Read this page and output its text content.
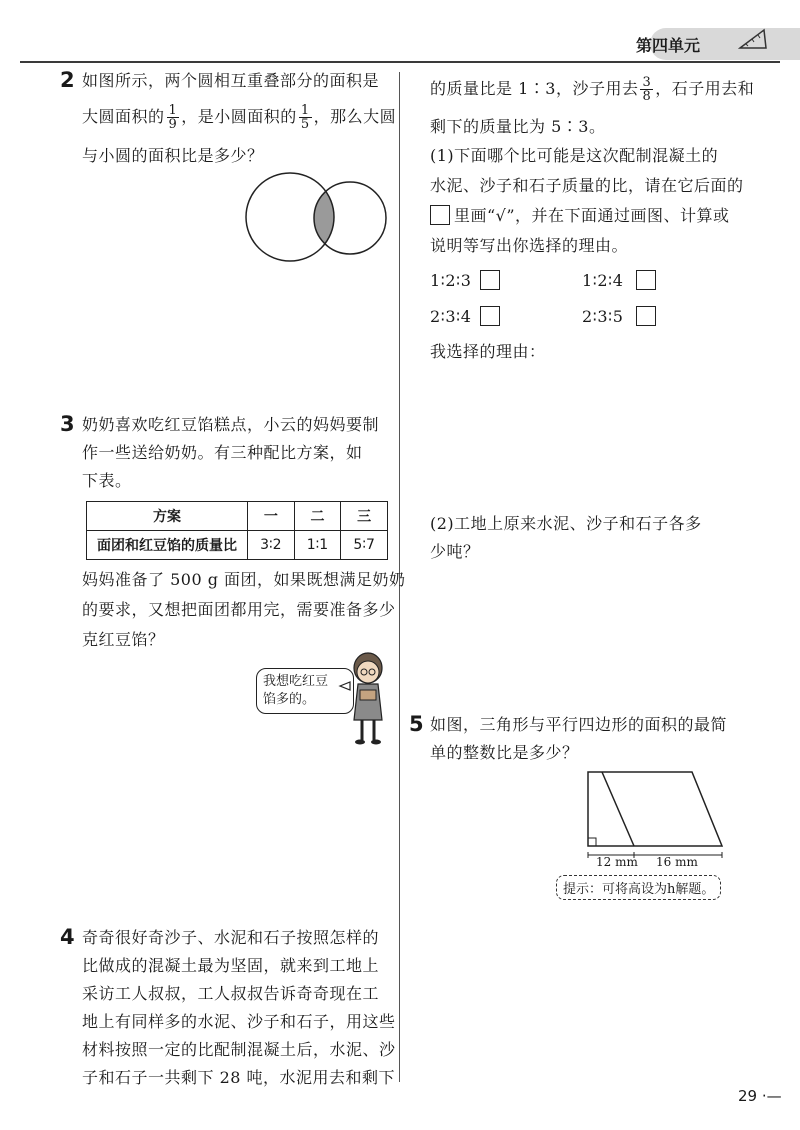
第四单元
2 如图所示，两个圆相互重叠部分的面积是
大圆面积的 $\frac{1}{9}$ ，是小圆面积的 $\frac{1}{5}$ ，那么大圆
与小圆的面积比是多少？
3 奶奶喜欢吃红豆馅糕点，小云的妈妈要制
作一些送给奶奶。有三种配比方案，如
下表。
方案	一	二	三
面团和红豆馅的质量比	3∶2	1∶1	5∶7
妈妈准备了 500 g 面团，如果既想满足奶奶
的要求，又想把面团都用完，需要准备多少
克红豆馅？
我想吃红豆
馅多的。
4 奇奇很好奇沙子、水泥和石子按照怎样的
比做成的混凝土最为坚固，就来到工地上
采访工人叔叔，工人叔叔告诉奇奇现在工
地上有同样多的水泥、沙子和石子，用这些
材料按照一定的比配制混凝土后，水泥、沙
子和石子一共剩下 28 吨，水泥用去和剩下
的质量比是 1∶3，沙子用去 $\frac{3}{8}$ ，石子用去和
剩下的质量比为 5∶3。
(1)下面哪个比可能是这次配制混凝土的
水泥、沙子和石子质量的比，请在它后面的
里画“√”，并在下面通过画图、计算或
说明等写出你选择的理由。
1∶2∶3	1∶2∶4
2∶3∶4	2∶3∶5
我选择的理由：
(2)工地上原来水泥、沙子和石子各多
少吨？
5 如图，三角形与平行四边形的面积的最简
单的整数比是多少？
12 mm 16 mm
提示：可将高设为h解题。
29 ·—
